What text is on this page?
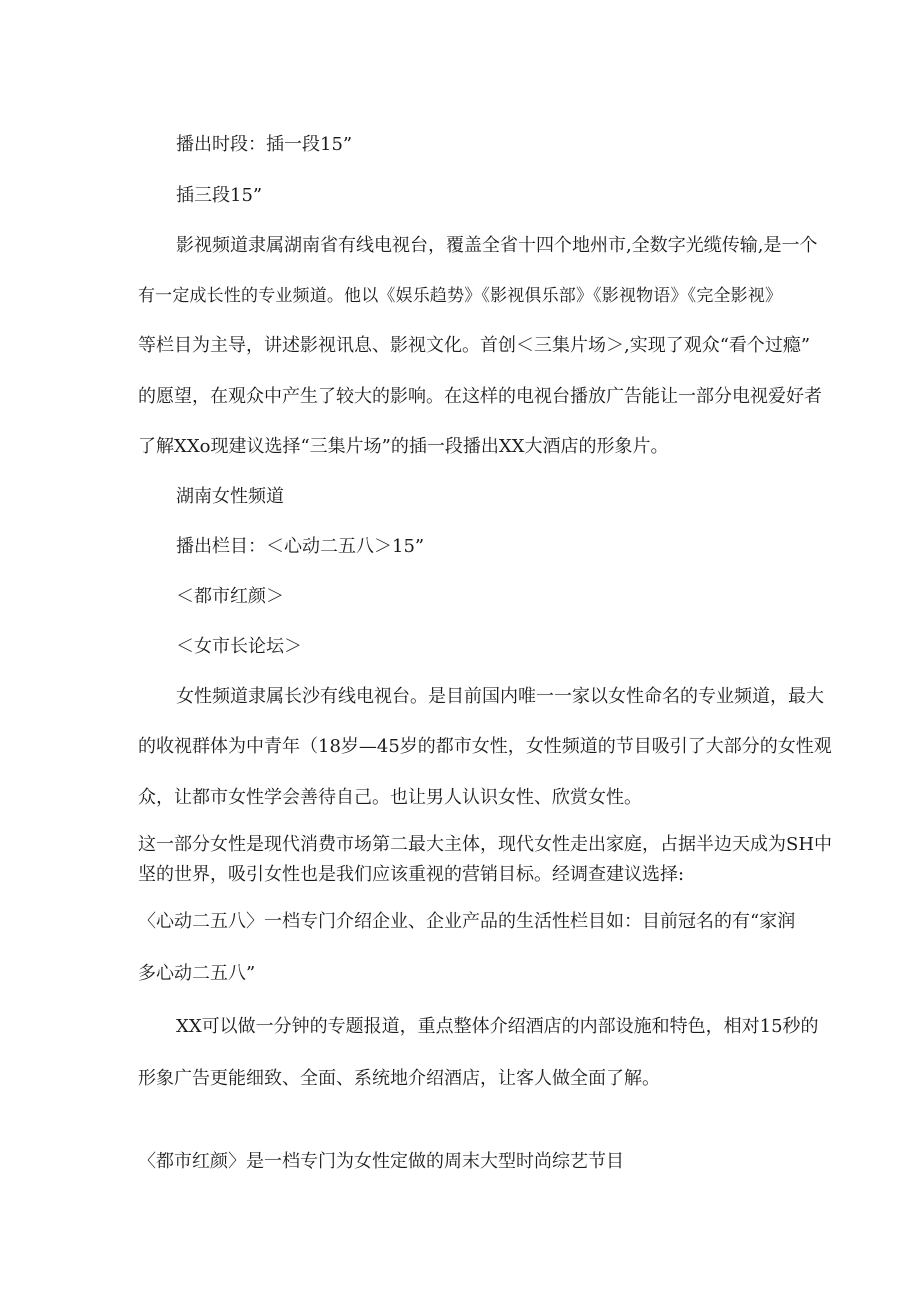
播出时段：插一段15”
插三段15”
影视频道隶属湖南省有线电视台，覆盖全省十四个地州市,全数字光缆传输,是一个
有一定成长性的专业频道。他以《娱乐趋势》《影视俱乐部》《影视物语》《完全影视》
等栏目为主导，讲述影视讯息、影视文化。首创＜三集片场＞,实现了观众“看个过瘾”
的愿望，在观众中产生了较大的影响。在这样的电视台播放广告能让一部分电视爱好者
了解XXo现建议选择“三集片场”的插一段播出XX大酒店的形象片。
湖南女性频道
播出栏目：＜心动二五八＞15”
＜都市红颜＞
＜女市长论坛＞
女性频道隶属长沙有线电视台。是目前国内唯一一家以女性命名的专业频道，最大
的收视群体为中青年（18岁—45岁的都市女性，女性频道的节目吸引了大部分的女性观
众，让都市女性学会善待自己。也让男人认识女性、欣赏女性。
这一部分女性是现代消费市场第二最大主体，现代女性走出家庭，占据半边天成为SH中
坚的世界，吸引女性也是我们应该重视的营销目标。经调查建议选择:
〈心动二五八〉一档专门介绍企业、企业产品的生活性栏目如：目前冠名的有“家润
多心动二五八”
XX可以做一分钟的专题报道，重点整体介绍酒店的内部设施和特色，相对15秒的
形象广告更能细致、全面、系统地介绍酒店，让客人做全面了解。
〈都市红颜〉是一档专门为女性定做的周末大型时尚综艺节目
